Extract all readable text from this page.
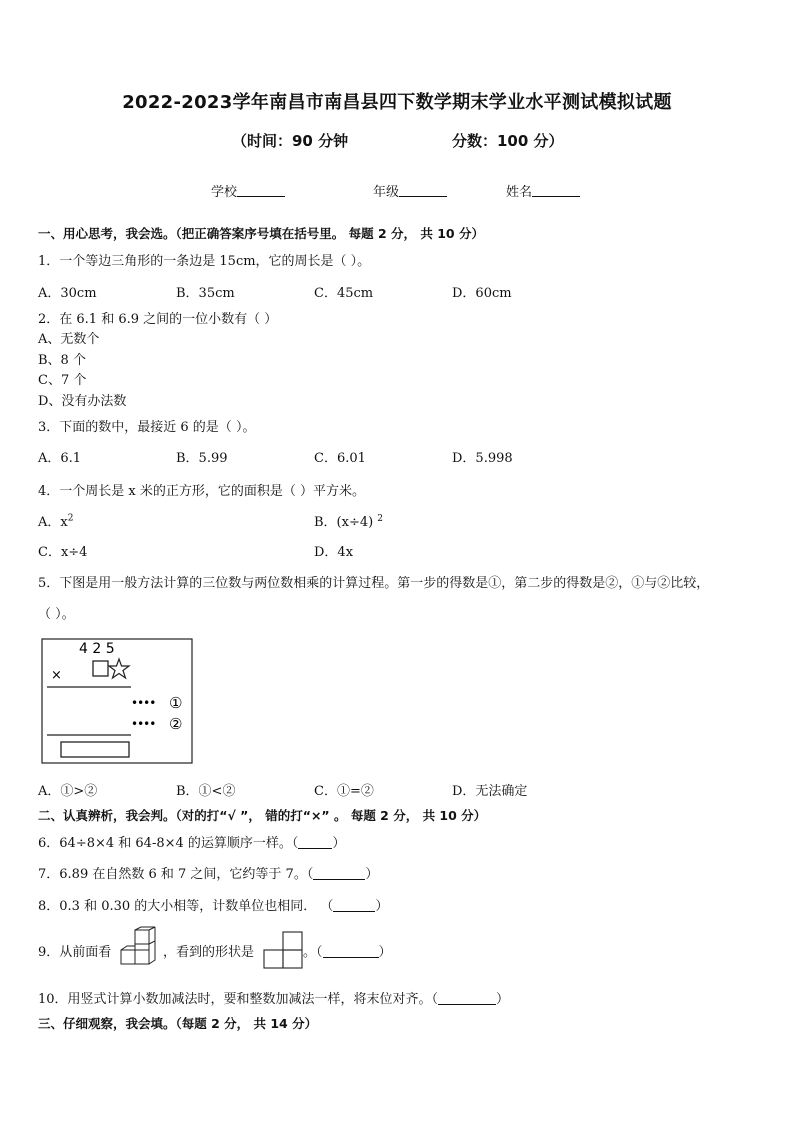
2022-2023学年南昌市南昌县四下数学期末学业水平测试模拟试题
（时间：90 分钟	分数：100 分）
学校	年级	姓名
一、用心思考，我会选。（把正确答案序号填在括号里。 每题 2 分， 共 10 分）
1．一个等边三角形的一条边是 15cm，它的周长是（ ）。
A．30cm	B．35cm	C．45cm	D．60cm
2．在 6.1 和 6.9 之间的一位小数有（ ）
A、无数个
B、8 个
C、7 个
D、没有办法数
3．下面的数中，最接近 6 的是（ ）。
A．6.1	B．5.99	C．6.01	D．5.998
4．一个周长是 x 米的正方形，它的面积是（ ）平方米。
A．$x^2$	B．(x÷4) $^2$
C．x÷4	D．4x
5．下图是用一般方法计算的三位数与两位数相乘的计算过程。第一步的得数是①，第二步的得数是②，①与②比较，
（ ）。
4 2 5
×
•••• ①
•••• ②
A．①>②	B．①<②	C．①=②	D．无法确定
二、认真辨析，我会判。（对的打“√ ”， 错的打“×” 。 每题 2 分， 共 10 分）
6．64÷8×4 和 64-8×4 的运算顺序一样。（	）
7．6.89 在自然数 6 和 7 之间，它约等于 7。（	）
8．0.3 和 0.30 的大小相等，计数单位也相同． （	）
9．从前面看	，看到的形状是	。（	）
10．用竖式计算小数加减法时，要和整数加减法一样，将末位对齐。（	）
三、仔细观察，我会填。（每题 2 分， 共 14 分）
